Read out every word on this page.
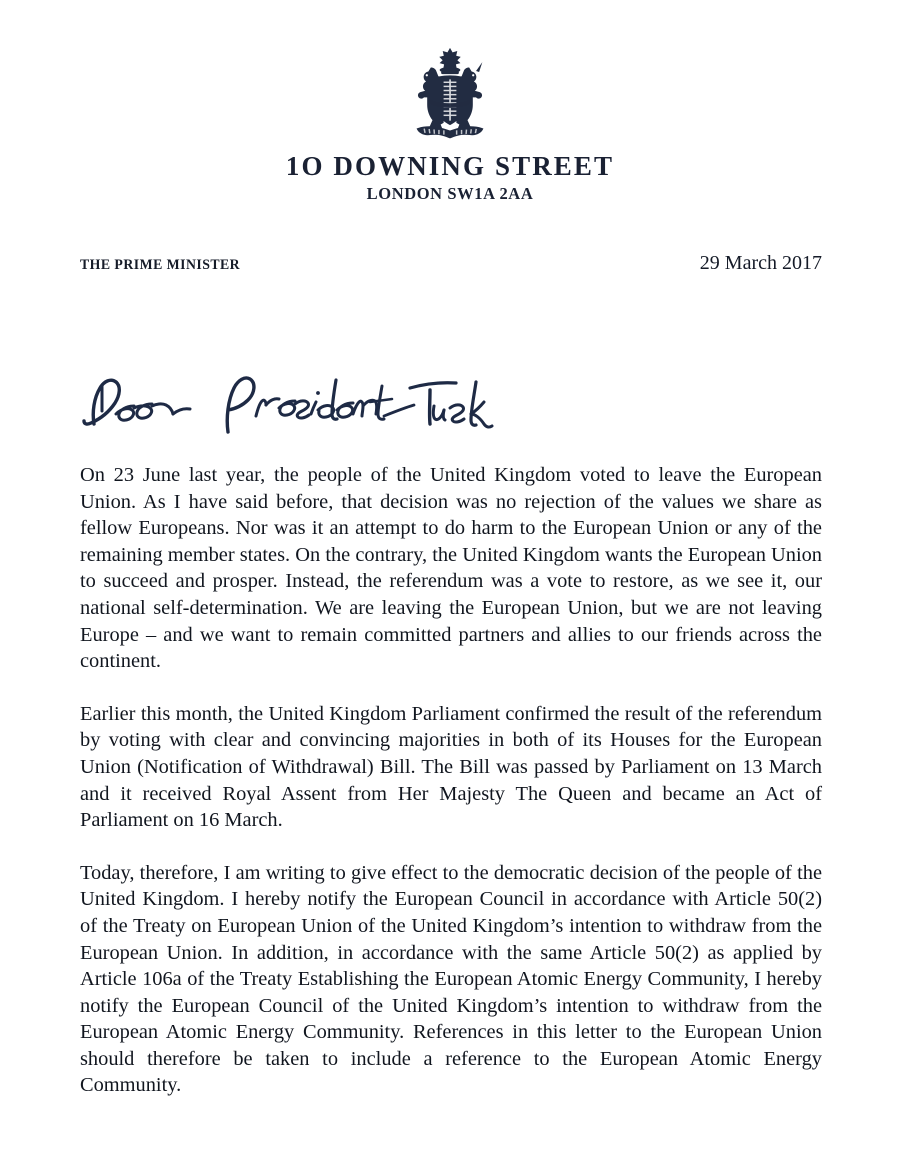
1O DOWNING STREET
LONDON SW1A 2AA
THE PRIME MINISTER	29 March 2017

On 23 June last year, the people of the United Kingdom voted to leave the European Union. As I have said before, that decision was no rejection of the values we share as fellow Europeans. Nor was it an attempt to do harm to the European Union or any of the remaining member states. On the contrary, the United Kingdom wants the European Union to succeed and prosper. Instead, the referendum was a vote to restore, as we see it, our national self-determination. We are leaving the European Union, but we are not leaving Europe – and we want to remain committed partners and allies to our friends across the continent.

Earlier this month, the United Kingdom Parliament confirmed the result of the referendum by voting with clear and convincing majorities in both of its Houses for the European Union (Notification of Withdrawal) Bill. The Bill was passed by Parliament on 13 March and it received Royal Assent from Her Majesty The Queen and became an Act of Parliament on 16 March.

Today, therefore, I am writing to give effect to the democratic decision of the people of the United Kingdom. I hereby notify the European Council in accordance with Article 50(2) of the Treaty on European Union of the United Kingdom’s intention to withdraw from the European Union. In addition, in accordance with the same Article 50(2) as applied by Article 106a of the Treaty Establishing the European Atomic Energy Community, I hereby notify the European Council of the United Kingdom’s intention to withdraw from the European Atomic Energy Community. References in this letter to the European Union should therefore be taken to include a reference to the European Atomic Energy Community.
